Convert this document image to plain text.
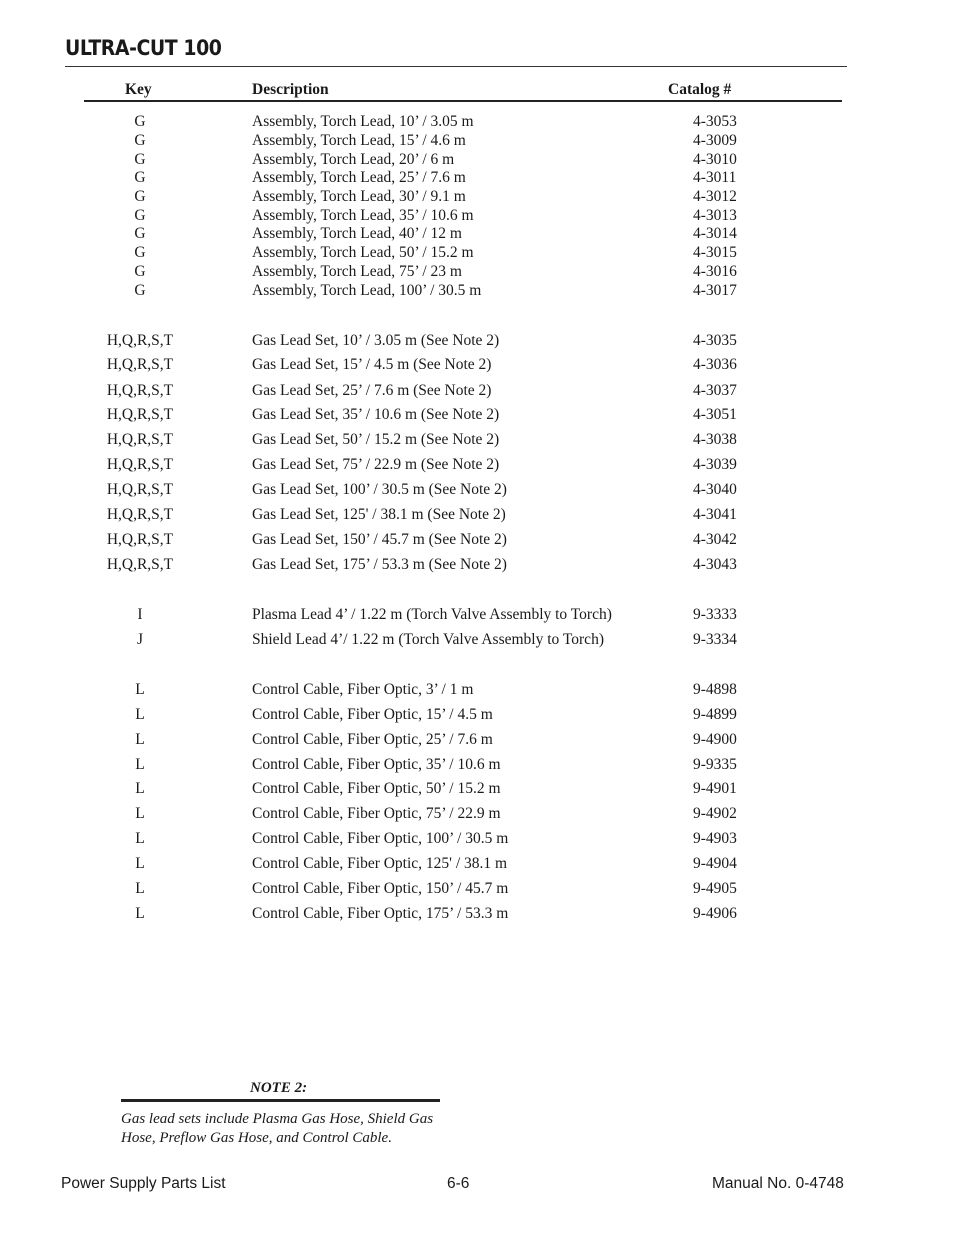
ULTRA-CUT 100
Key	Description	Catalog #
G	Assembly, Torch Lead, 10’ / 3.05 m	4-3053
G	Assembly, Torch Lead, 15’ / 4.6 m	4-3009
G	Assembly, Torch Lead, 20’ / 6 m	4-3010
G	Assembly, Torch Lead, 25’ / 7.6 m	4-3011
G	Assembly, Torch Lead, 30’ / 9.1 m	4-3012
G	Assembly, Torch Lead, 35’ / 10.6 m	4-3013
G	Assembly, Torch Lead, 40’ / 12 m	4-3014
G	Assembly, Torch Lead, 50’ / 15.2 m	4-3015
G	Assembly, Torch Lead, 75’ / 23 m	4-3016
G	Assembly, Torch Lead, 100’ / 30.5 m	4-3017
H,Q,R,S,T	Gas Lead Set, 10’ / 3.05 m (See Note 2)	4-3035
H,Q,R,S,T	Gas Lead Set, 15’ / 4.5 m (See Note 2)	4-3036
H,Q,R,S,T	Gas Lead Set, 25’ / 7.6 m (See Note 2)	4-3037
H,Q,R,S,T	Gas Lead Set, 35’ / 10.6 m (See Note 2)	4-3051
H,Q,R,S,T	Gas Lead Set, 50’ / 15.2 m (See Note 2)	4-3038
H,Q,R,S,T	Gas Lead Set, 75’ / 22.9 m (See Note 2)	4-3039
H,Q,R,S,T	Gas Lead Set, 100’ / 30.5 m (See Note 2)	4-3040
H,Q,R,S,T	Gas Lead Set, 125' / 38.1 m (See Note 2)	4-3041
H,Q,R,S,T	Gas Lead Set, 150’ / 45.7 m (See Note 2)	4-3042
H,Q,R,S,T	Gas Lead Set, 175’ / 53.3 m (See Note 2)	4-3043
I	Plasma Lead 4’ / 1.22 m (Torch Valve Assembly to Torch)	9-3333
J	Shield Lead 4’/ 1.22 m (Torch Valve Assembly to Torch)	9-3334
L	Control Cable, Fiber Optic, 3’ / 1 m	9-4898
L	Control Cable, Fiber Optic, 15’ / 4.5 m	9-4899
L	Control Cable, Fiber Optic, 25’ / 7.6 m	9-4900
L	Control Cable, Fiber Optic, 35’ / 10.6 m	9-9335
L	Control Cable, Fiber Optic, 50’ / 15.2 m	9-4901
L	Control Cable, Fiber Optic, 75’ / 22.9 m	9-4902
L	Control Cable, Fiber Optic, 100’ / 30.5 m	9-4903
L	Control Cable, Fiber Optic, 125' / 38.1 m	9-4904
L	Control Cable, Fiber Optic, 150’ / 45.7 m	9-4905
L	Control Cable, Fiber Optic, 175’ / 53.3 m	9-4906
NOTE 2:
Gas lead sets include Plasma Gas Hose, Shield Gas Hose, Preflow Gas Hose, and Control Cable.
Power Supply Parts List	6-6	Manual No. 0-4748
